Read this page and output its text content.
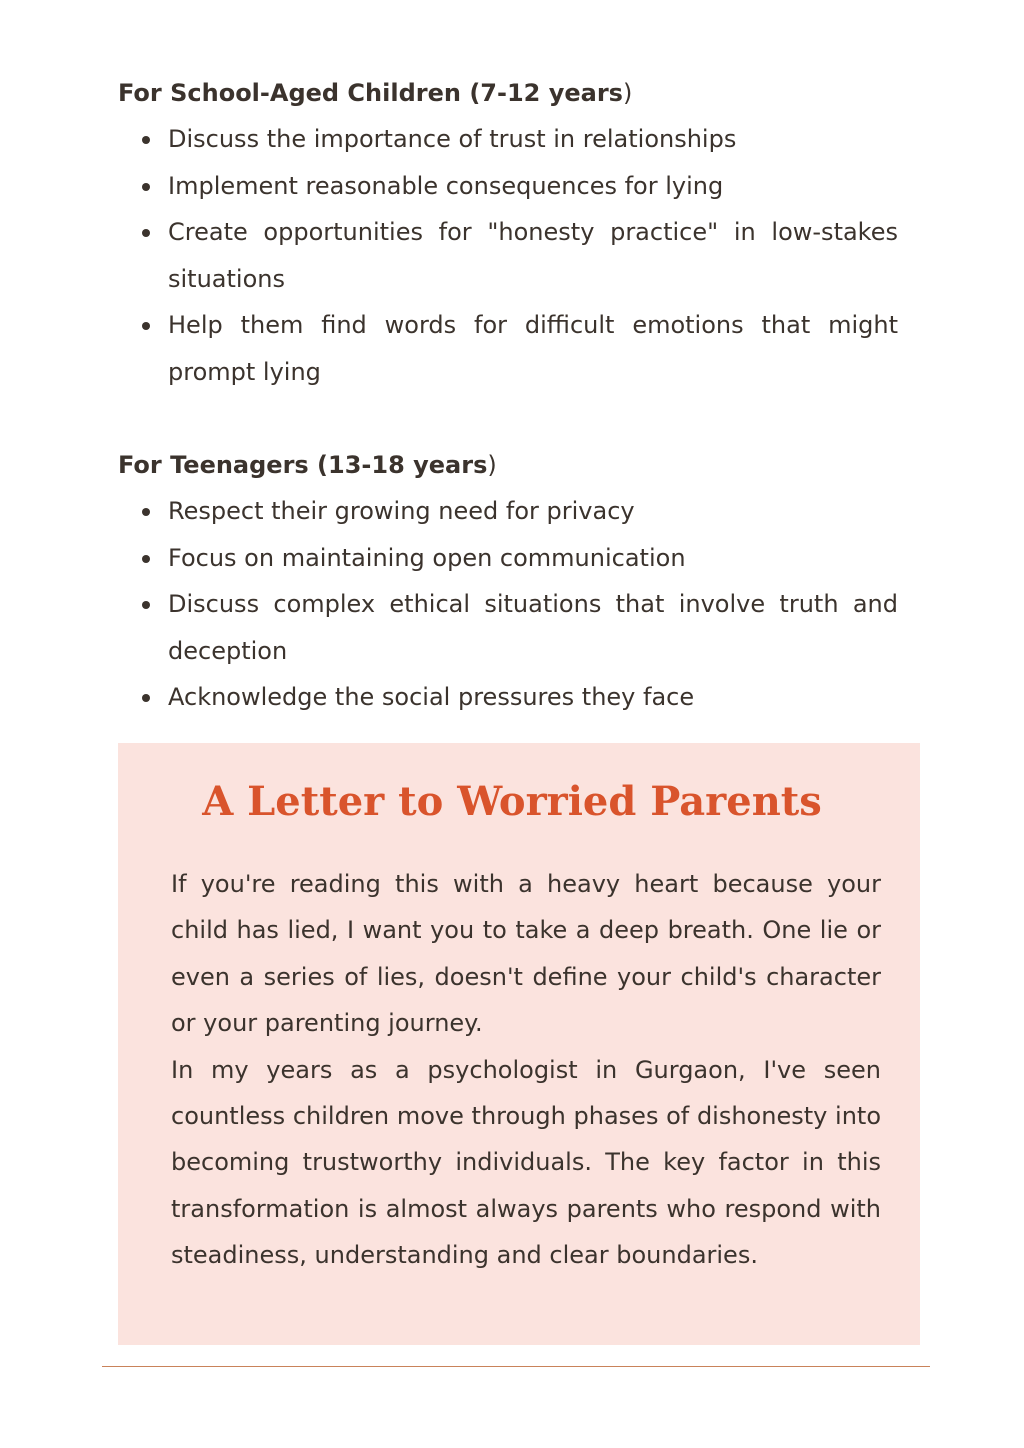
For School-Aged Children (7-12 years)
Discuss the importance of trust in relationships
Implement reasonable consequences for lying
Create opportunities for "honesty practice" in low-stakes situations
Help them find words for difficult emotions that might prompt lying
For Teenagers (13-18 years)
Respect their growing need for privacy
Focus on maintaining open communication
Discuss complex ethical situations that involve truth and deception
Acknowledge the social pressures they face
A Letter to Worried Parents

If you're reading this with a heavy heart because your child has lied, I want you to take a deep breath. One lie or even a series of lies, doesn't define your child's character or your parenting journey.

In my years as a psychologist in Gurgaon, I've seen countless children move through phases of dishonesty into becoming trustworthy individuals. The key factor in this transformation is almost always parents who respond with steadiness, understanding and clear boundaries.
